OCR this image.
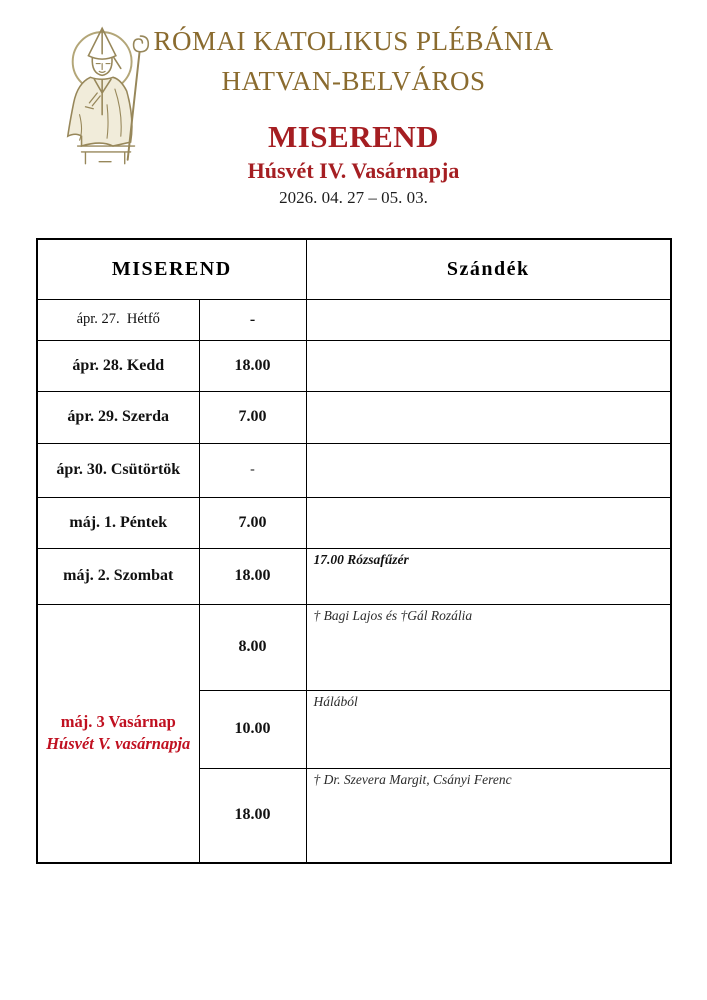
RÓMAI KATOLIKUS PLÉBÁNIA
HATVAN-BELVÁROS
MISEREND
Húsvét IV. Vasárnapja
2026. 04. 27 – 05. 03.
MISEREND		Szándék
ápr. 27.  Hétfő	-	
ápr. 28. Kedd	18.00	
ápr. 29. Szerda	7.00	
ápr. 30. Csütörtök	-	
máj. 1. Péntek	7.00	
máj. 2. Szombat	18.00	17.00 Rózsafűzér

máj. 3 Vasárnap
Húsvét V. vasárnapja	8.00	† Bagi Lajos és †Gál Rozália
	10.00	Hálából
	18.00	† Dr. Szevera Margit, Csányi Ferenc
